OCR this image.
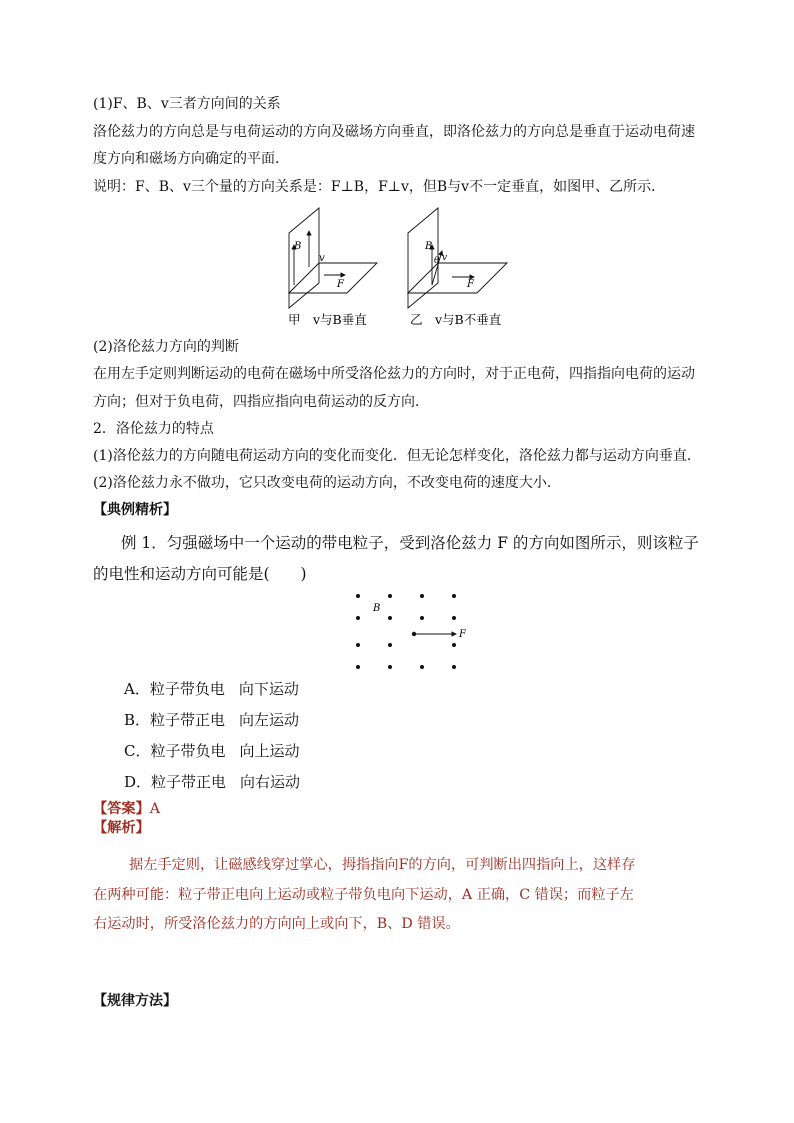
(1)F、B、v三者方向间的关系
洛伦兹力的方向总是与电荷运动的方向及磁场方向垂直，即洛伦兹力的方向总是垂直于运动电荷速
度方向和磁场方向确定的平面．
说明：F、B、v三个量的方向关系是：F⊥B，F⊥v，但B与v不一定垂直，如图甲、乙所示．
B
v
F
甲　v与B垂直
B
v
θ
F
乙　v与B不垂直
(2)洛伦兹力方向的判断
在用左手定则判断运动的电荷在磁场中所受洛伦兹力的方向时，对于正电荷，四指指向电荷的运动
方向；但对于负电荷，四指应指向电荷运动的反方向．
2．洛伦兹力的特点
(1)洛伦兹力的方向随电荷运动方向的变化而变化．但无论怎样变化，洛伦兹力都与运动方向垂直．
(2)洛伦兹力永不做功，它只改变电荷的运动方向，不改变电荷的速度大小．
【典例精析】
例 1．匀强磁场中一个运动的带电粒子，受到洛伦兹力 F 的方向如图所示，则该粒子
的电性和运动方向可能是(　　)
B
F
A．粒子带负电 向下运动
B．粒子带正电 向左运动
C．粒子带负电 向上运动
D．粒子带正电 向右运动
【答案】A
【解析】
据左手定则，让磁感线穿过掌心，拇指指向F的方向，可判断出四指向上，这样存
在两种可能：粒子带正电向上运动或粒子带负电向下运动，A 正确，C 错误；而粒子左
右运动时，所受洛伦兹力的方向向上或向下，B、D 错误。
【规律方法】
